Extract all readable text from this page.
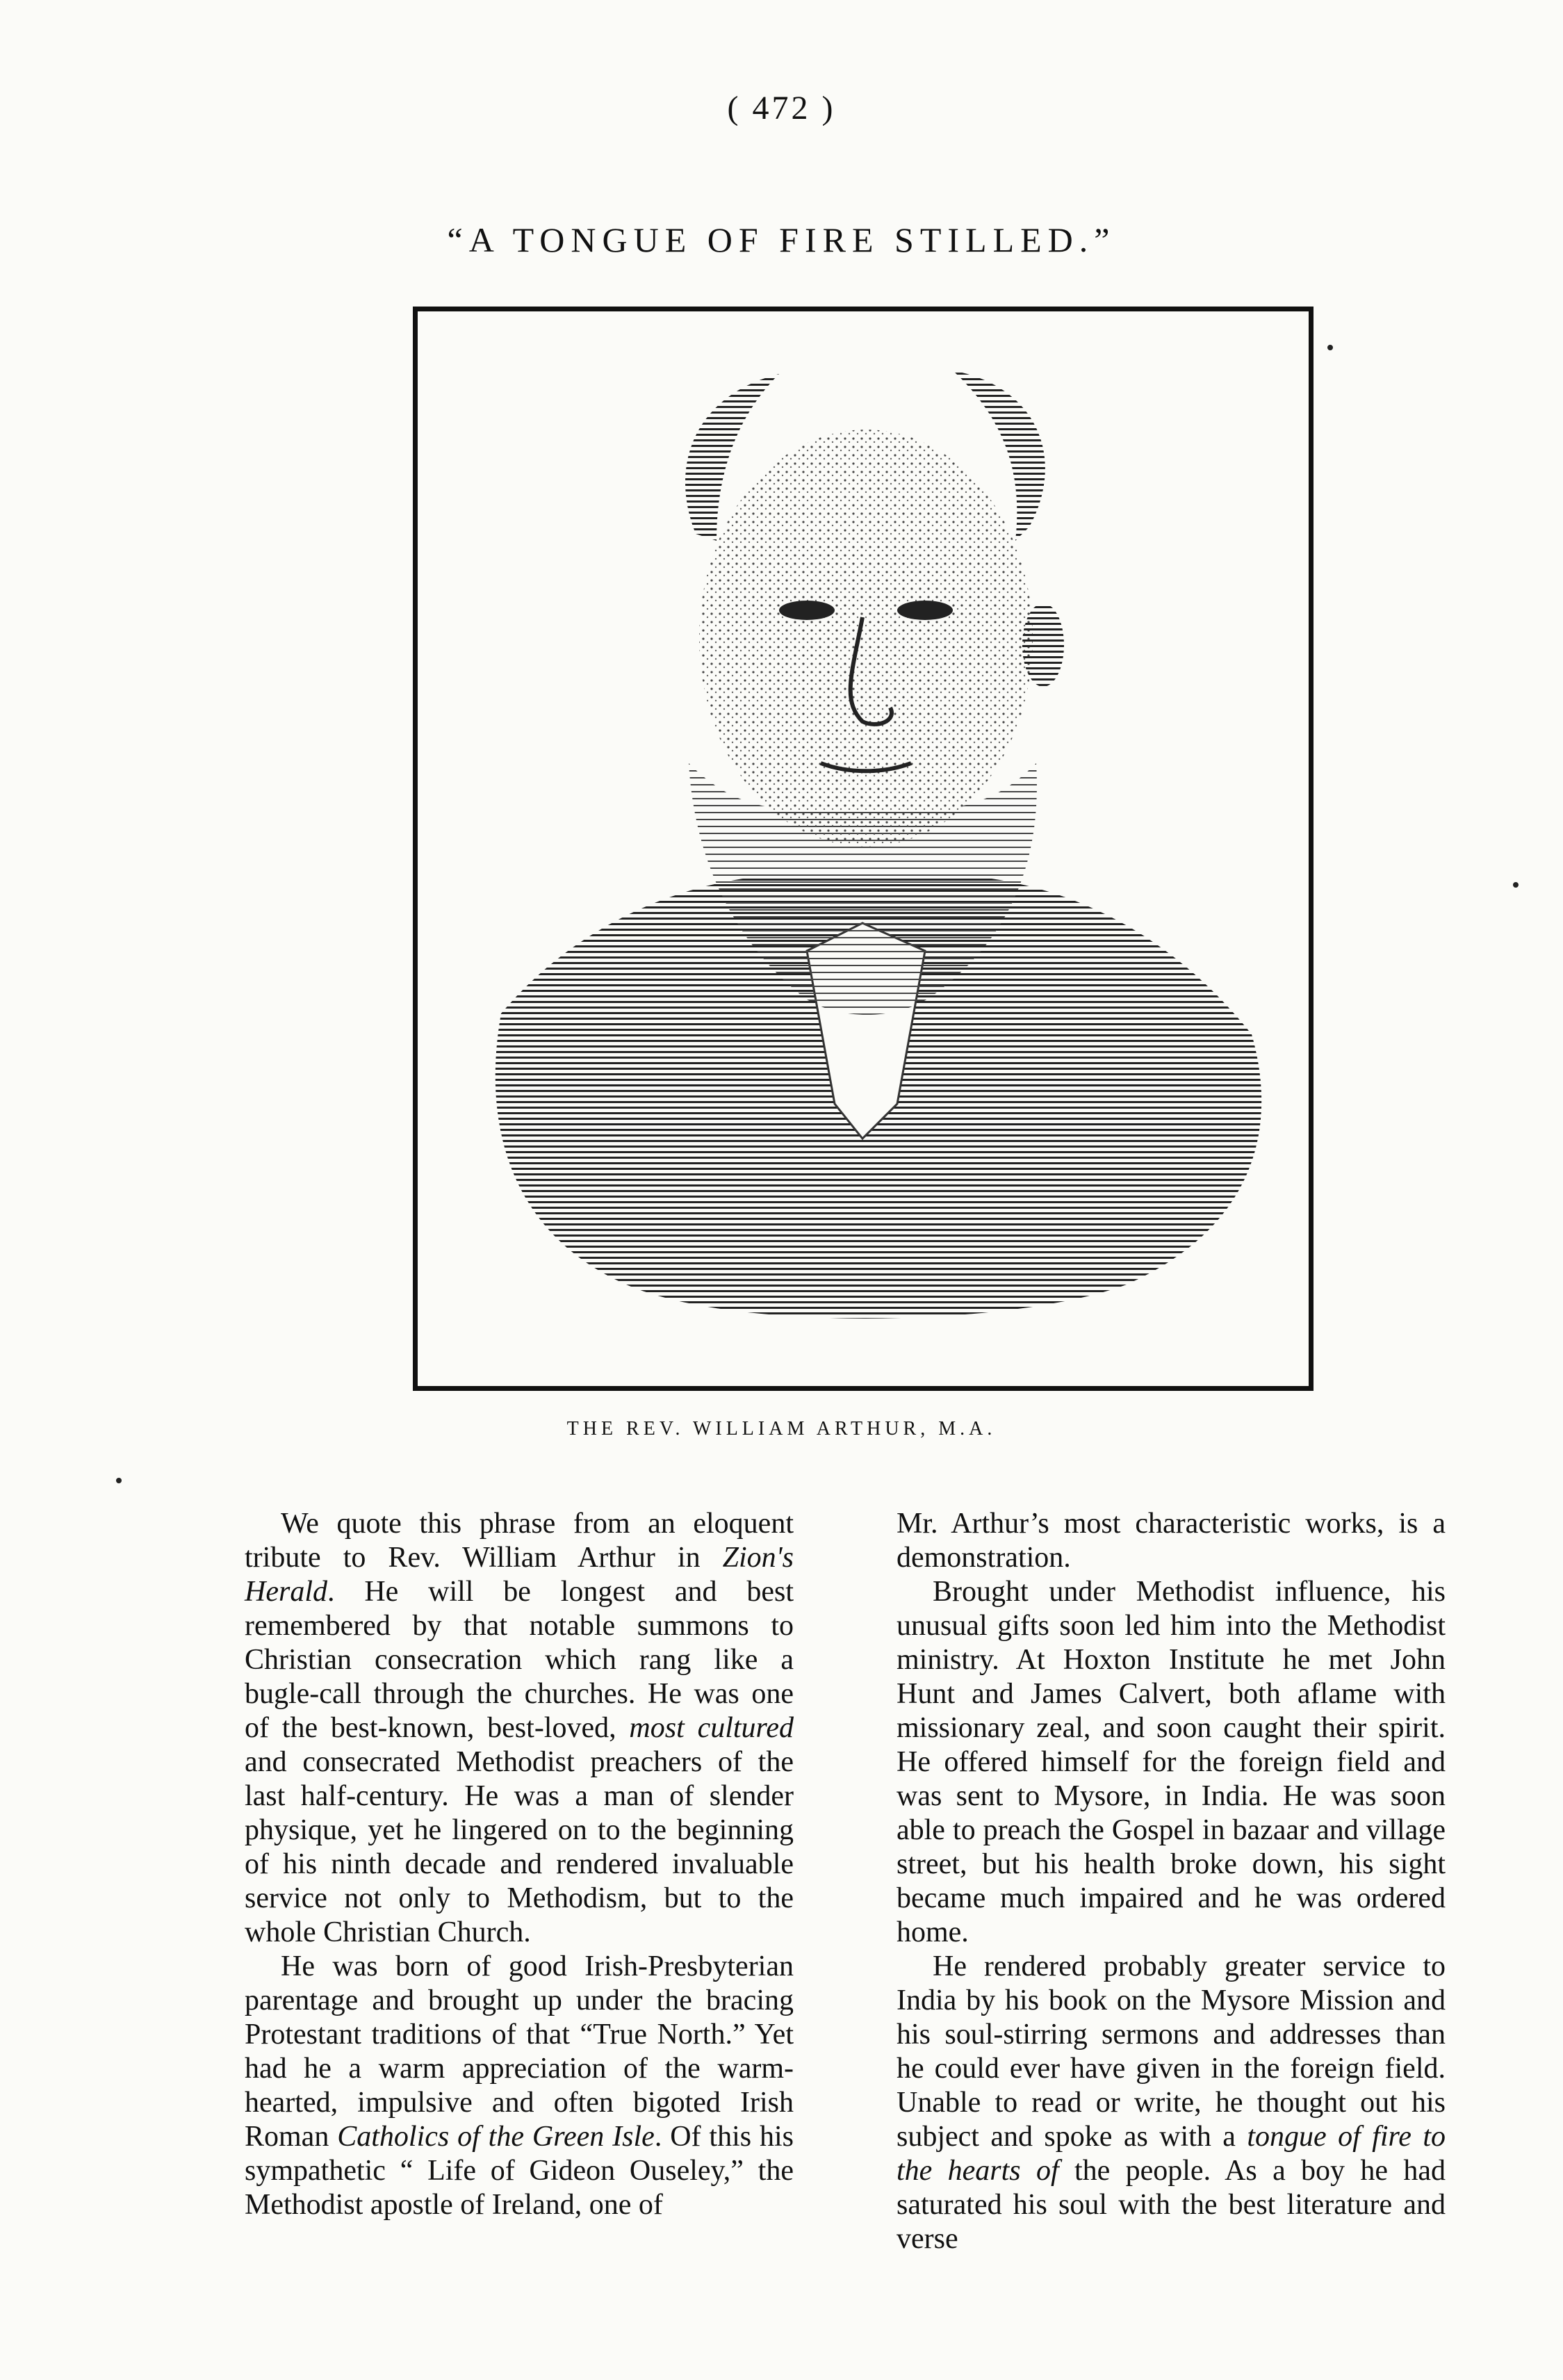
( 472 )
“A TONGUE OF FIRE STILLED.”
THE REV. WILLIAM ARTHUR, M.A.

We quote this phrase from an eloquent tribute to Rev. William Arthur in Zion's Herald. He will be longest and best remembered by that notable summons to Christian consecration which rang like a bugle-call through the churches. He was one of the best-known, best-loved, most cultured and consecrated Methodist preachers of the last half-century. He was a man of slender physique, yet he lingered on to the beginning of his ninth decade and rendered invaluable service not only to Methodism, but to the whole Christian Church.

He was born of good Irish-Presbyterian parentage and brought up under the bracing Protestant traditions of that “True North.” Yet had he a warm appreciation of the warm-hearted, impulsive and often bigoted Irish Roman Catholics of the Green Isle. Of this his sympathetic “ Life of Gideon Ouseley,” the Methodist apostle of Ireland, one of

Mr. Arthur’s most characteristic works, is a demonstration.

Brought under Methodist influence, his unusual gifts soon led him into the Methodist ministry. At Hoxton Institute he met John Hunt and James Calvert, both aflame with missionary zeal, and soon caught their spirit. He offered himself for the foreign field and was sent to Mysore, in India. He was soon able to preach the Gospel in bazaar and village street, but his health broke down, his sight became much impaired and he was ordered home.

He rendered probably greater service to India by his book on the Mysore Mission and his soul-stirring sermons and addresses than he could ever have given in the foreign field. Unable to read or write, he thought out his subject and spoke as with a tongue of fire to the hearts of the people. As a boy he had saturated his soul with the best literature and verse
